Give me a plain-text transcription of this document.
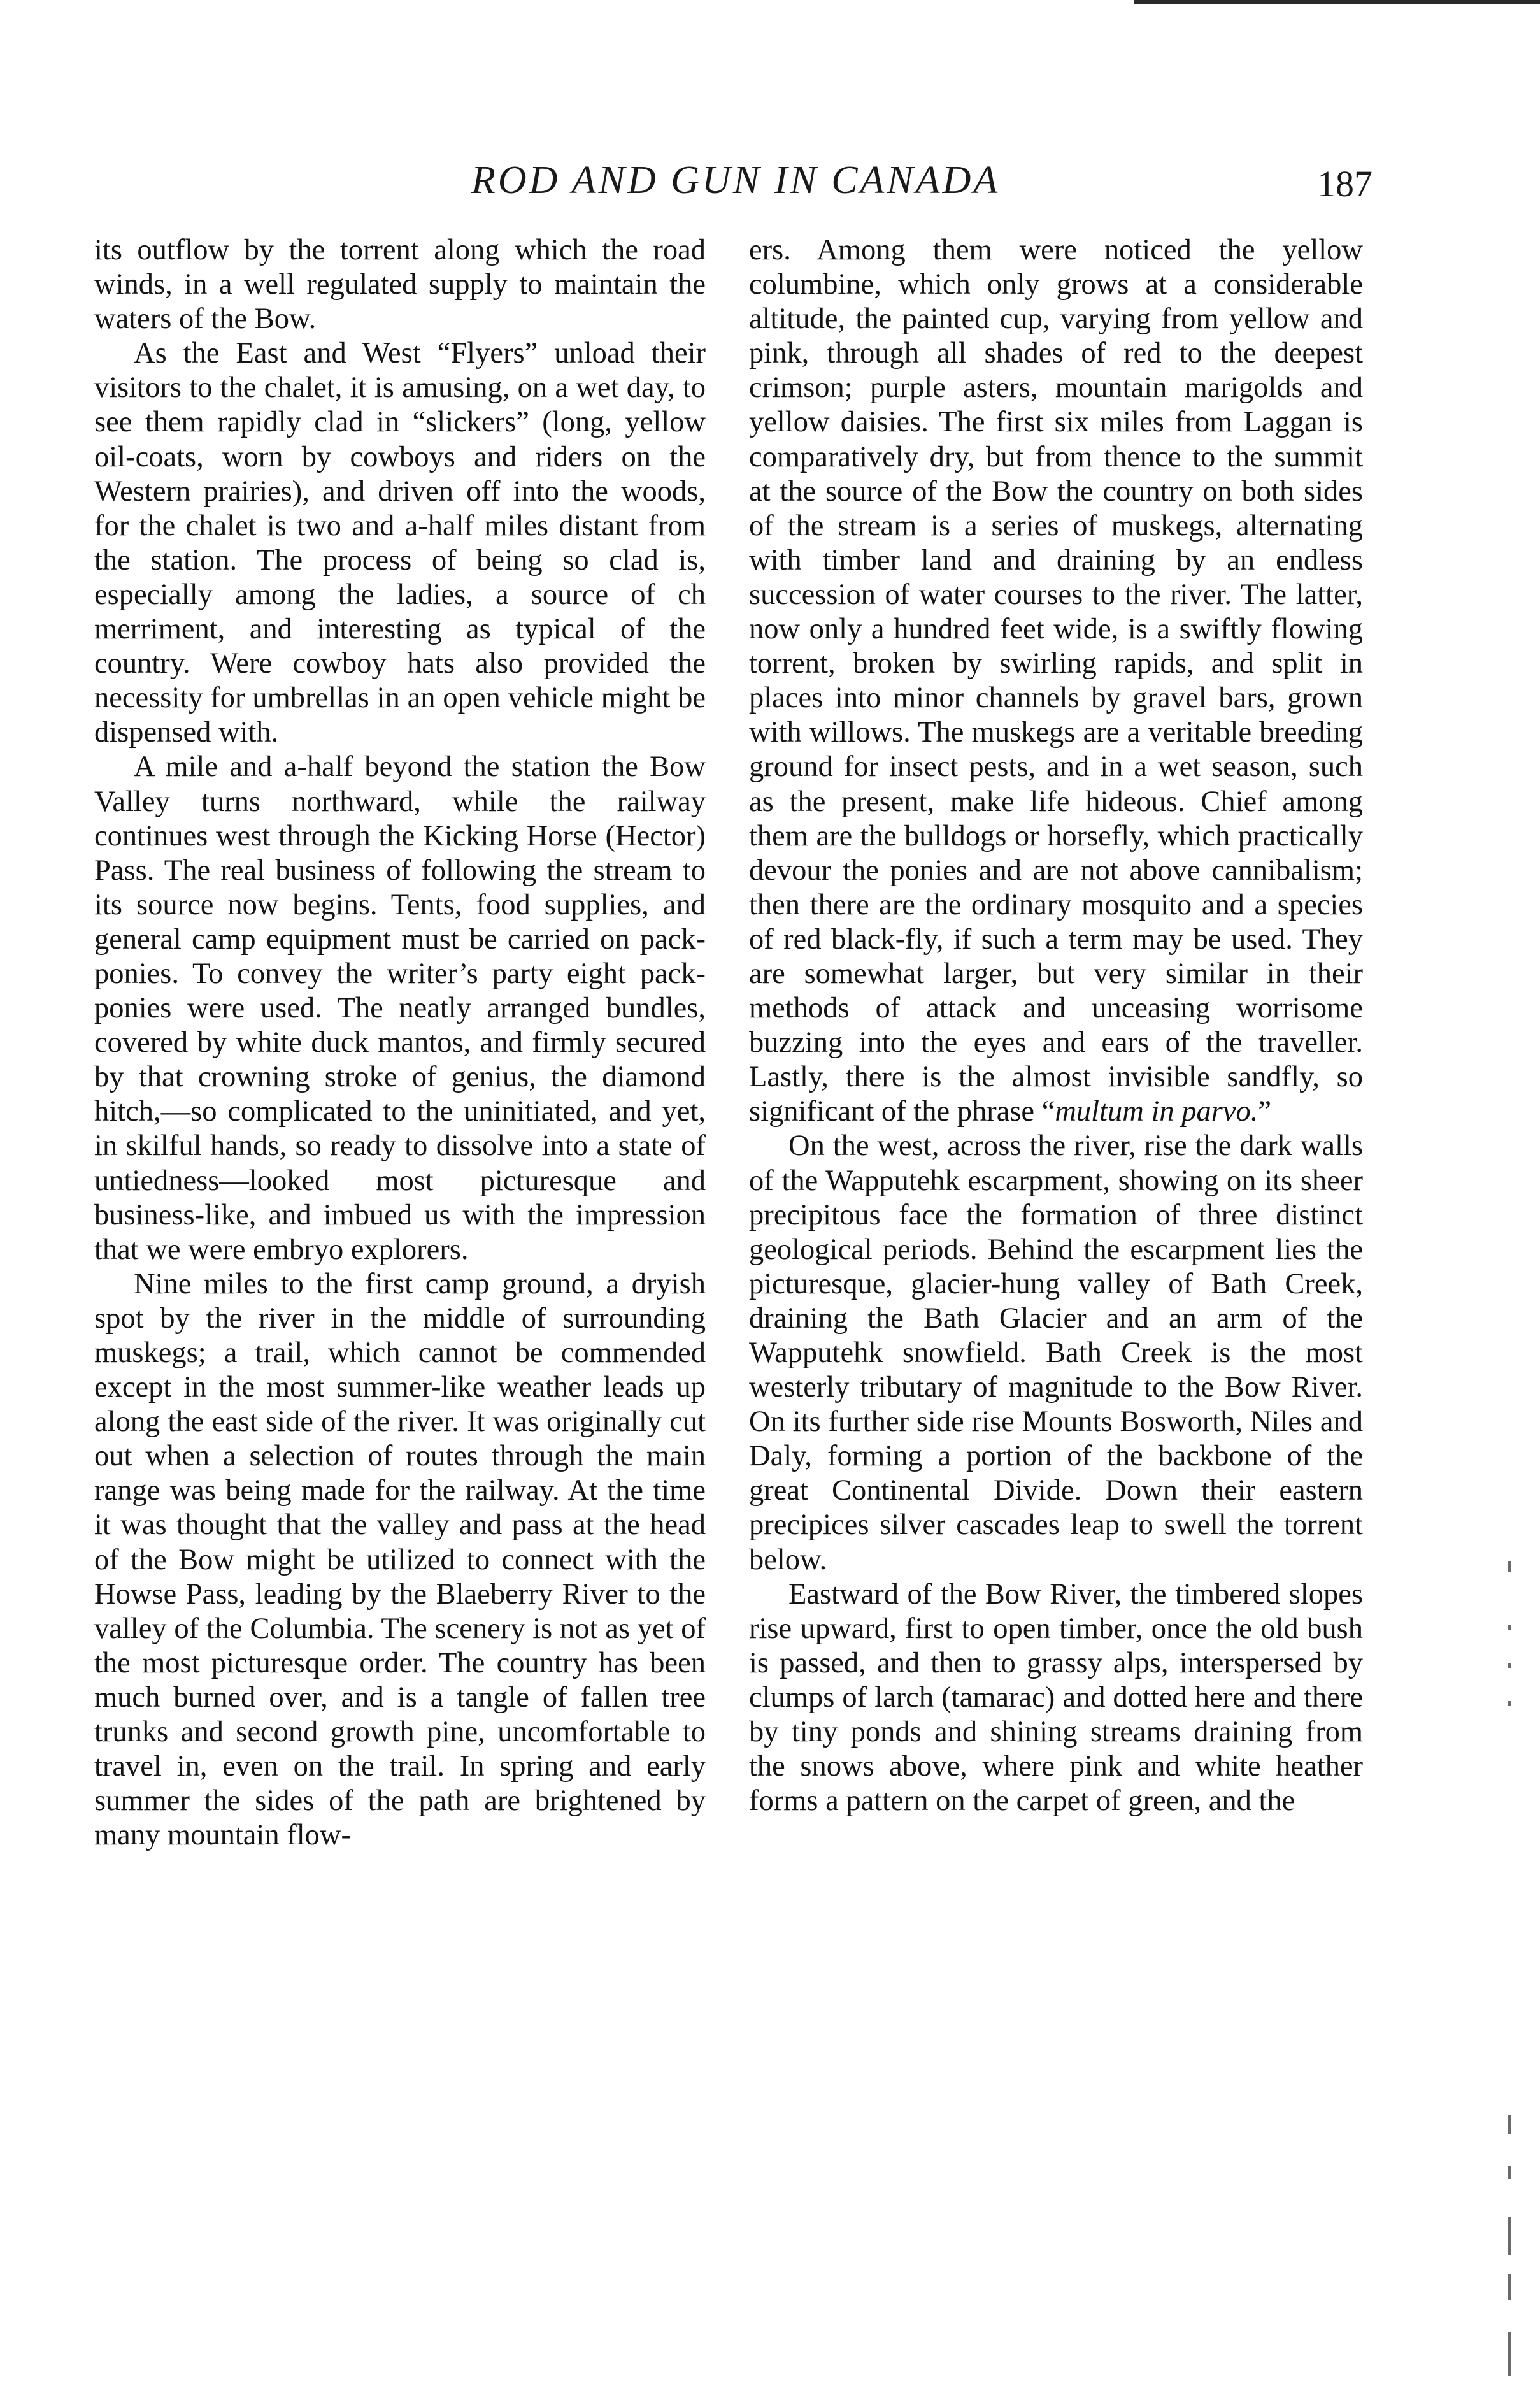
ROD AND GUN IN CANADA	187

its outflow by the torrent along which the road winds, in a well regulated supply to maintain the waters of the Bow.

As the East and West “Flyers” unload their visitors to the chalet, it is amusing, on a wet day, to see them rapidly clad in “slickers” (long, yellow oil-coats, worn by cowboys and riders on the Western prairies), and driven off into the woods, for the chalet is two and a-half miles distant from the station. The process of being so clad is, especially among the ladies, a source of ch merriment, and interesting as typical of the country. Were cowboy hats also provided the necessity for umbrellas in an open vehicle might be dispensed with.

A mile and a-half beyond the station the Bow Valley turns northward, while the railway continues west through the Kicking Horse (Hector) Pass. The real business of following the stream to its source now begins. Tents, food supplies, and general camp equipment must be carried on pack-ponies. To convey the writer’s party eight pack-ponies were used. The neatly arranged bundles, covered by white duck mantos, and firmly secured by that crowning stroke of genius, the diamond hitch,—so complicated to the uninitiated, and yet, in skilful hands, so ready to dissolve into a state of untiedness—looked most picturesque and business-like, and imbued us with the impression that we were embryo explorers.

Nine miles to the first camp ground, a dryish spot by the river in the middle of surrounding muskegs; a trail, which cannot be commended except in the most summer-like weather leads up along the east side of the river. It was originally cut out when a selection of routes through the main range was being made for the railway. At the time it was thought that the valley and pass at the head of the Bow might be utilized to connect with the Howse Pass, leading by the Blaeberry River to the valley of the Columbia. The scenery is not as yet of the most picturesque order. The country has been much burned over, and is a tangle of fallen tree trunks and second growth pine, uncomfortable to travel in, even on the trail. In spring and early summer the sides of the path are brightened by many mountain flow-

ers. Among them were noticed the yellow columbine, which only grows at a considerable altitude, the painted cup, varying from yellow and pink, through all shades of red to the deepest crimson; purple asters, mountain marigolds and yellow daisies. The first six miles from Laggan is comparatively dry, but from thence to the summit at the source of the Bow the country on both sides of the stream is a series of muskegs, alternating with timber land and draining by an endless succession of water courses to the river. The latter, now only a hundred feet wide, is a swiftly flowing torrent, broken by swirling rapids, and split in places into minor channels by gravel bars, grown with willows. The muskegs are a veritable breeding ground for insect pests, and in a wet season, such as the present, make life hideous. Chief among them are the bulldogs or horsefly, which practically devour the ponies and are not above cannibalism; then there are the ordinary mosquito and a species of red black-fly, if such a term may be used. They are somewhat larger, but very similar in their methods of attack and unceasing worrisome buzzing into the eyes and ears of the traveller. Lastly, there is the almost invisible sandfly, so significant of the phrase “multum in parvo.”

On the west, across the river, rise the dark walls of the Wapputehk escarpment, showing on its sheer precipitous face the formation of three distinct geological periods. Behind the escarpment lies the picturesque, glacier-hung valley of Bath Creek, draining the Bath Glacier and an arm of the Wapputehk snowfield. Bath Creek is the most westerly tributary of magnitude to the Bow River. On its further side rise Mounts Bosworth, Niles and Daly, forming a portion of the backbone of the great Continental Divide. Down their eastern precipices silver cascades leap to swell the torrent below.

Eastward of the Bow River, the timbered slopes rise upward, first to open timber, once the old bush is passed, and then to grassy alps, interspersed by clumps of larch (tamarac) and dotted here and there by tiny ponds and shining streams draining from the snows above, where pink and white heather forms a pattern on the carpet of green, and the
